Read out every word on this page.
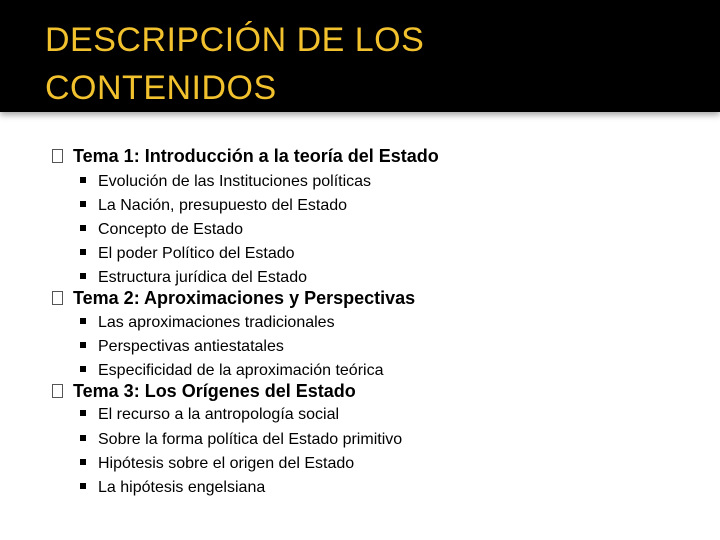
DESCRIPCIÓN DE LOS
CONTENIDOS
Tema 1: Introducción a la teoría del Estado
Evolución de las Instituciones políticas
La Nación, presupuesto del Estado
Concepto de Estado
El poder Político del Estado
Estructura jurídica del Estado
Tema 2: Aproximaciones y Perspectivas
Las aproximaciones tradicionales
Perspectivas antiestatales
Especificidad de la aproximación teórica
Tema 3: Los Orígenes del Estado
El recurso a la antropología social
Sobre la forma política del Estado primitivo
Hipótesis sobre el origen del Estado
La hipótesis engelsiana
